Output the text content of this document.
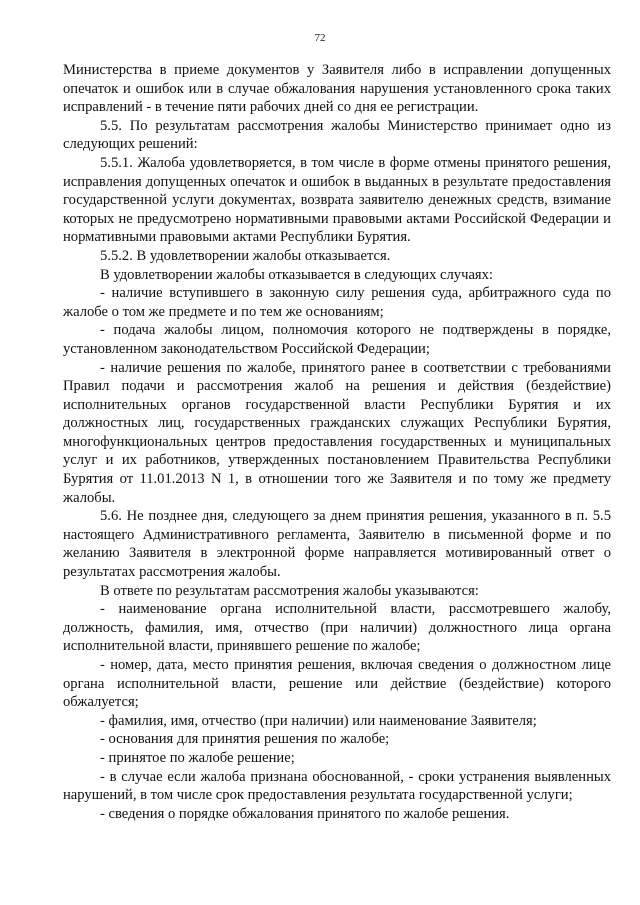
72

Министерства в приеме документов у Заявителя либо в исправлении допущенных опечаток и ошибок или в случае обжалования нарушения установленного срока таких исправлений - в течение пяти рабочих дней со дня ее регистрации.

5.5. По результатам рассмотрения жалобы Министерство принимает одно из следующих решений:

5.5.1. Жалоба удовлетворяется, в том числе в форме отмены принятого решения, исправления допущенных опечаток и ошибок в выданных в результате предоставления государственной услуги документах, возврата заявителю денежных средств, взимание которых не предусмотрено нормативными правовыми актами Российской Федерации и нормативными правовыми актами Республики Бурятия.

5.5.2. В удовлетворении жалобы отказывается.

В удовлетворении жалобы отказывается в следующих случаях:

- наличие вступившего в законную силу решения суда, арбитражного суда по жалобе о том же предмете и по тем же основаниям;

- подача жалобы лицом, полномочия которого не подтверждены в порядке, установленном законодательством Российской Федерации;

- наличие решения по жалобе, принятого ранее в соответствии с требованиями Правил подачи и рассмотрения жалоб на решения и действия (бездействие) исполнительных органов государственной власти Республики Бурятия и их должностных лиц, государственных гражданских служащих Республики Бурятия, многофункциональных центров предоставления государственных и муниципальных услуг и их работников, утвержденных постановлением Правительства Республики Бурятия от 11.01.2013 N 1, в отношении того же Заявителя и по тому же предмету жалобы.

5.6. Не позднее дня, следующего за днем принятия решения, указанного в п. 5.5 настоящего Административного регламента, Заявителю в письменной форме и по желанию Заявителя в электронной форме направляется мотивированный ответ о результатах рассмотрения жалобы.

В ответе по результатам рассмотрения жалобы указываются:

- наименование органа исполнительной власти, рассмотревшего жалобу, должность, фамилия, имя, отчество (при наличии) должностного лица органа исполнительной власти, принявшего решение по жалобе;

- номер, дата, место принятия решения, включая сведения о должностном лице органа исполнительной власти, решение или действие (бездействие) которого обжалуется;

- фамилия, имя, отчество (при наличии) или наименование Заявителя;

- основания для принятия решения по жалобе;

- принятое по жалобе решение;

- в случае если жалоба признана обоснованной, - сроки устранения выявленных нарушений, в том числе срок предоставления результата государственной услуги;

- сведения о порядке обжалования принятого по жалобе решения.
